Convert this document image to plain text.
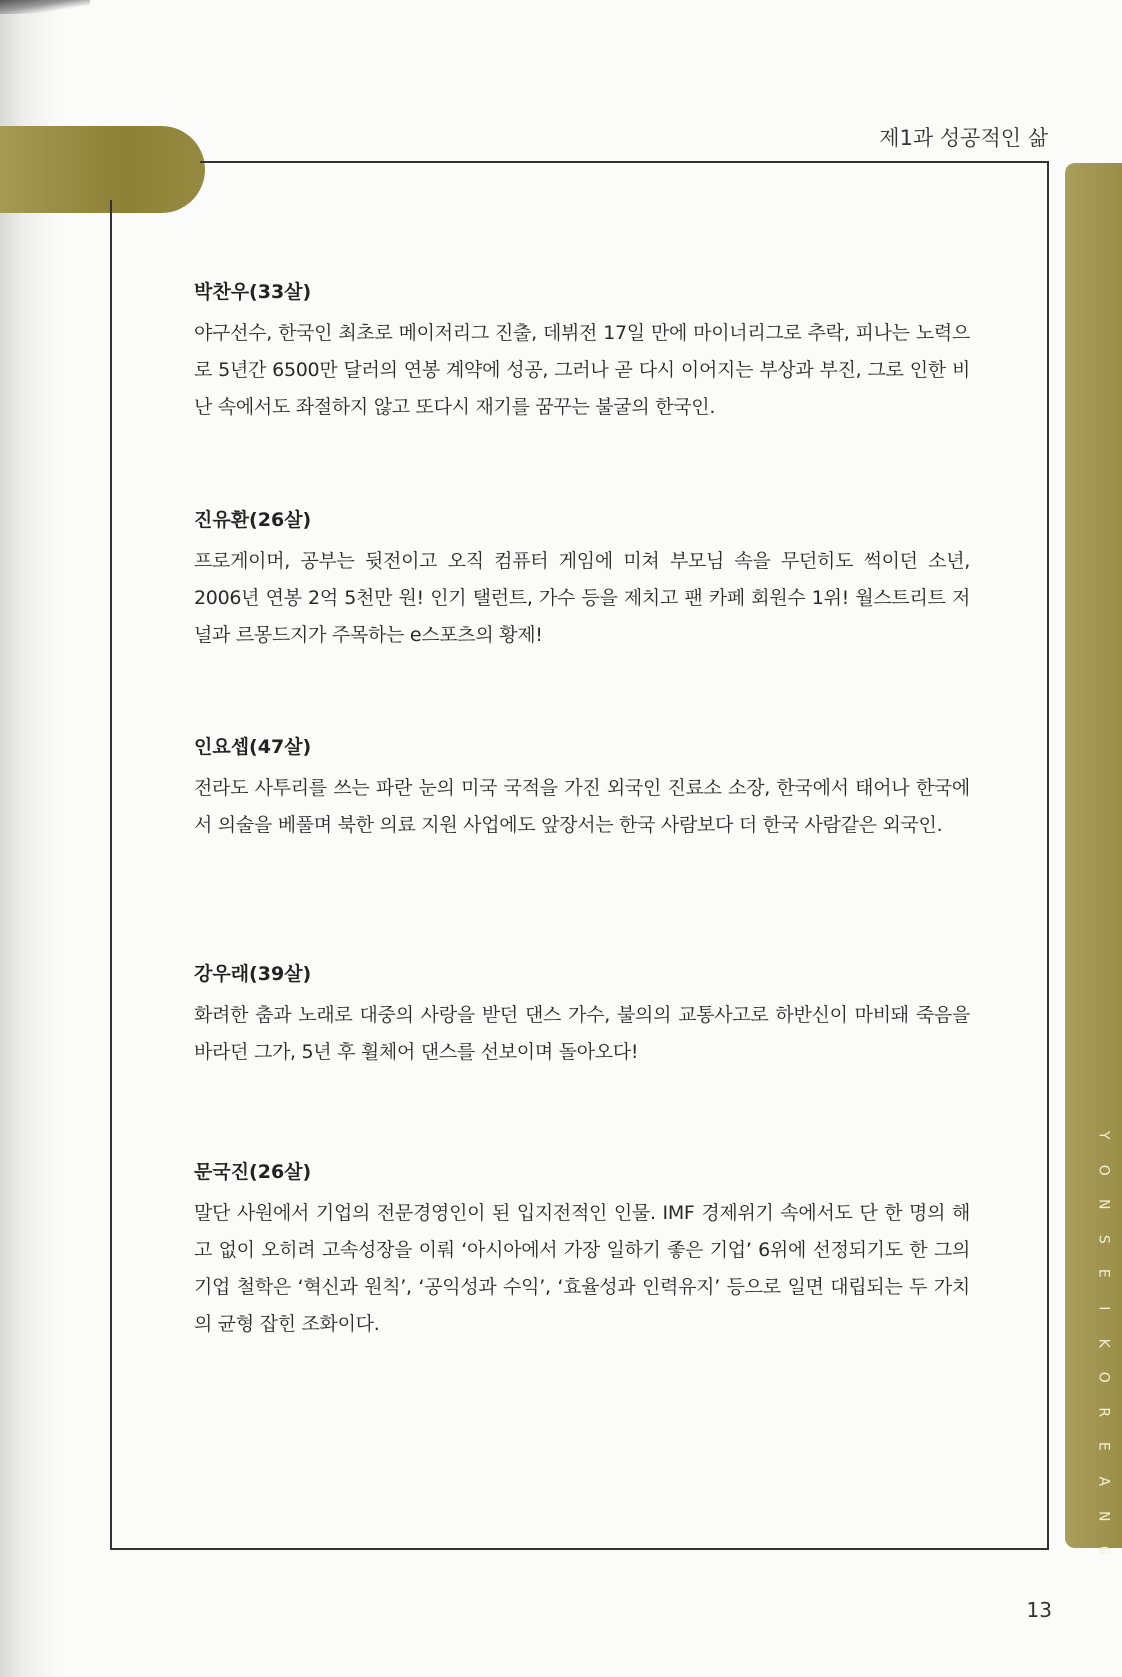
제1과 성공적인 삶
Y
O
N
S
E
I
K
O
R
E
A
N
6
박찬우(33살)

야구선수, 한국인 최초로 메이저리그 진출, 데뷔전 17일 만에 마이너리그로 추락, 피나는 노력으로 5년간 6500만 달러의 연봉 계약에 성공, 그러나 곧 다시 이어지는 부상과 부진, 그로 인한 비난 속에서도 좌절하지 않고 또다시 재기를 꿈꾸는 불굴의 한국인.

진유환(26살)

프로게이머, 공부는 뒷전이고 오직 컴퓨터 게임에 미쳐 부모님 속을 무던히도 썩이던 소년, 2006년 연봉 2억 5천만 원! 인기 탤런트, 가수 등을 제치고 팬 카페 회원수 1위! 월스트리트 저널과 르몽드지가 주목하는 e스포츠의 황제!

인요셉(47살)

전라도 사투리를 쓰는 파란 눈의 미국 국적을 가진 외국인 진료소 소장, 한국에서 태어나 한국에서 의술을 베풀며 북한 의료 지원 사업에도 앞장서는 한국 사람보다 더 한국 사람같은 외국인.

강우래(39살)

화려한 춤과 노래로 대중의 사랑을 받던 댄스 가수, 불의의 교통사고로 하반신이 마비돼 죽음을 바라던 그가, 5년 후 휠체어 댄스를 선보이며 돌아오다!

문국진(26살)

말단 사원에서 기업의 전문경영인이 된 입지전적인 인물. IMF 경제위기 속에서도 단 한 명의 해고 없이 오히려 고속성장을 이뤄 ‘아시아에서 가장 일하기 좋은 기업’ 6위에 선정되기도 한 그의 기업 철학은 ‘혁신과 원칙’, ‘공익성과 수익’, ‘효율성과 인력유지’ 등으로 일면 대립되는 두 가치의 균형 잡힌 조화이다.

13
